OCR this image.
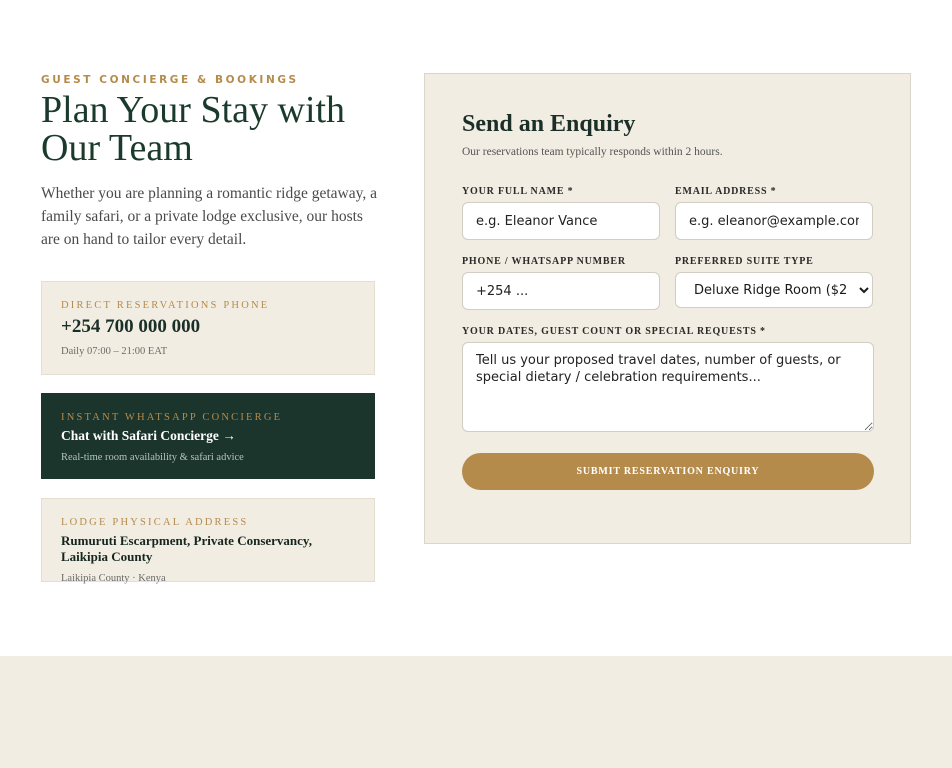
GUEST CONCIERGE & BOOKINGS
Plan Your Stay with Our Team

Whether you are planning a romantic ridge getaway, a family safari, or a private lodge exclusive, our hosts are on hand to tailor every detail.

DIRECT RESERVATIONS PHONE
+254 700 000 000
Daily 07:00 – 21:00 EAT
INSTANT WHATSAPP CONCIERGE
Chat with Safari Concierge →
Real-time room availability & safari advice
LODGE PHYSICAL ADDRESS
Rumuruti Escarpment, Private Conservancy, Laikipia County
Laikipia County · Kenya
Send an Enquiry

Our reservations team typically responds within 2 hours.

YOUR FULL NAME *
e.g. Eleanor Vance	EMAIL ADDRESS *
e.g. eleanor@example.com
PHONE / WHATSAPP NUMBER
+254 ...	PREFERRED SUITE TYPE
Deluxe Ridge Room ($290)
YOUR DATES, GUEST COUNT OR SPECIAL REQUESTS *
Tell us your proposed travel dates, number of guests, or special dietary / celebration requirements...
SUBMIT RESERVATION ENQUIRY
